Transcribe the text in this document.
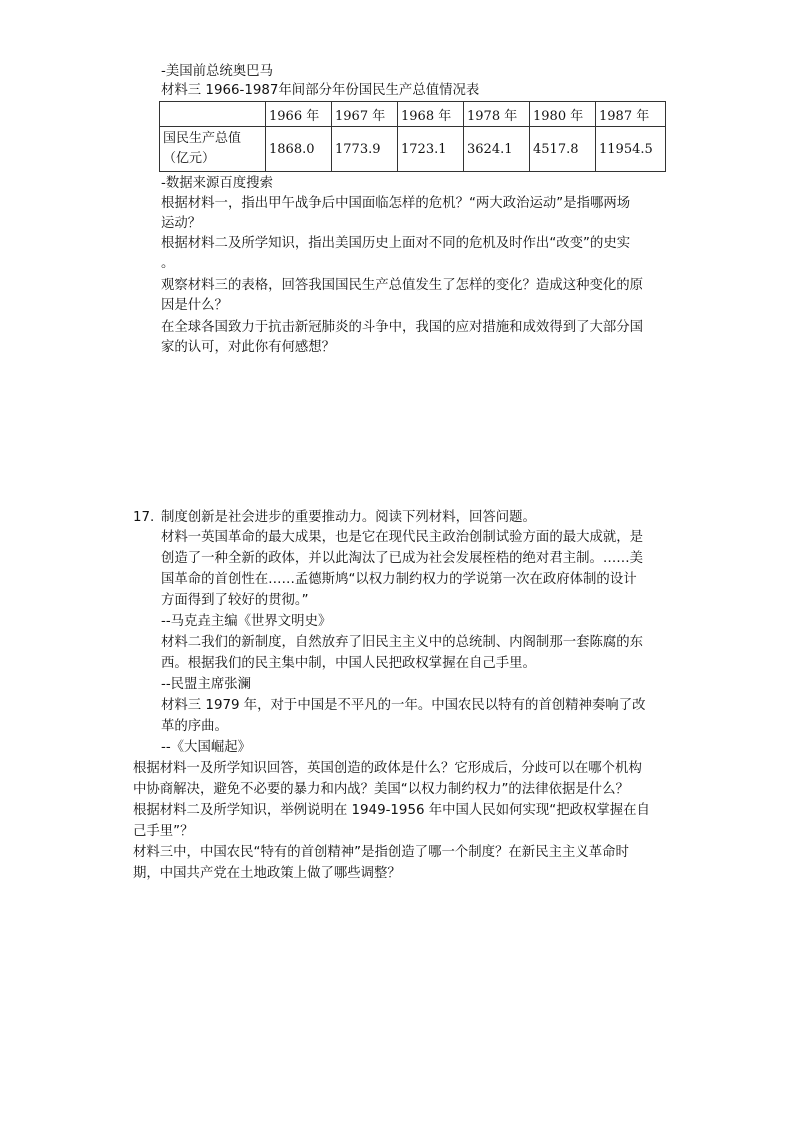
-美国前总统奥巴马
材料三 1966-1987年间部分年份国民生产总值情况表
	1966 年	1967 年	1968 年	1978 年	1980 年	1987 年
国民生产总值
（亿元）	1868.0	1773.9	1723.1	3624.1	4517.8	11954.5
-数据来源百度搜索
根据材料一，指出甲午战争后中国面临怎样的危机？“两大政治运动”是指哪两场
运动？
根据材料二及所学知识，指出美国历史上面对不同的危机及时作出“改变”的史实
。
观察材料三的表格，回答我国国民生产总值发生了怎样的变化？造成这种变化的原
因是什么？
在全球各国致力于抗击新冠肺炎的斗争中，我国的应对措施和成效得到了大部分国
家的认可，对此你有何感想？
17. 制度创新是社会进步的重要推动力。阅读下列材料，回答问题。
材料一英国革命的最大成果，也是它在现代民主政治创制试验方面的最大成就，是
创造了一种全新的政体，并以此淘汰了已成为社会发展桎梏的绝对君主制。……美
国革命的首创性在……孟德斯鸠“以权力制约权力的学说第一次在政府体制的设计
方面得到了较好的贯彻。”
--马克垚主编《世界文明史》
材料二我们的新制度，自然放弃了旧民主主义中的总统制、内阁制那一套陈腐的东
西。根据我们的民主集中制，中国人民把政权掌握在自己手里。
--民盟主席张澜
材料三 1979 年，对于中国是不平凡的一年。中国农民以特有的首创精神奏响了改
革的序曲。
--《大国崛起》
根据材料一及所学知识回答，英国创造的政体是什么？它形成后，分歧可以在哪个机构
中协商解决，避免不必要的暴力和内战？美国“以权力制约权力”的法律依据是什么？
根据材料二及所学知识，举例说明在 1949-1956 年中国人民如何实现“把政权掌握在自
己手里”？
材料三中，中国农民“特有的首创精神”是指创造了哪一个制度？在新民主主义革命时
期，中国共产党在土地政策上做了哪些调整？
